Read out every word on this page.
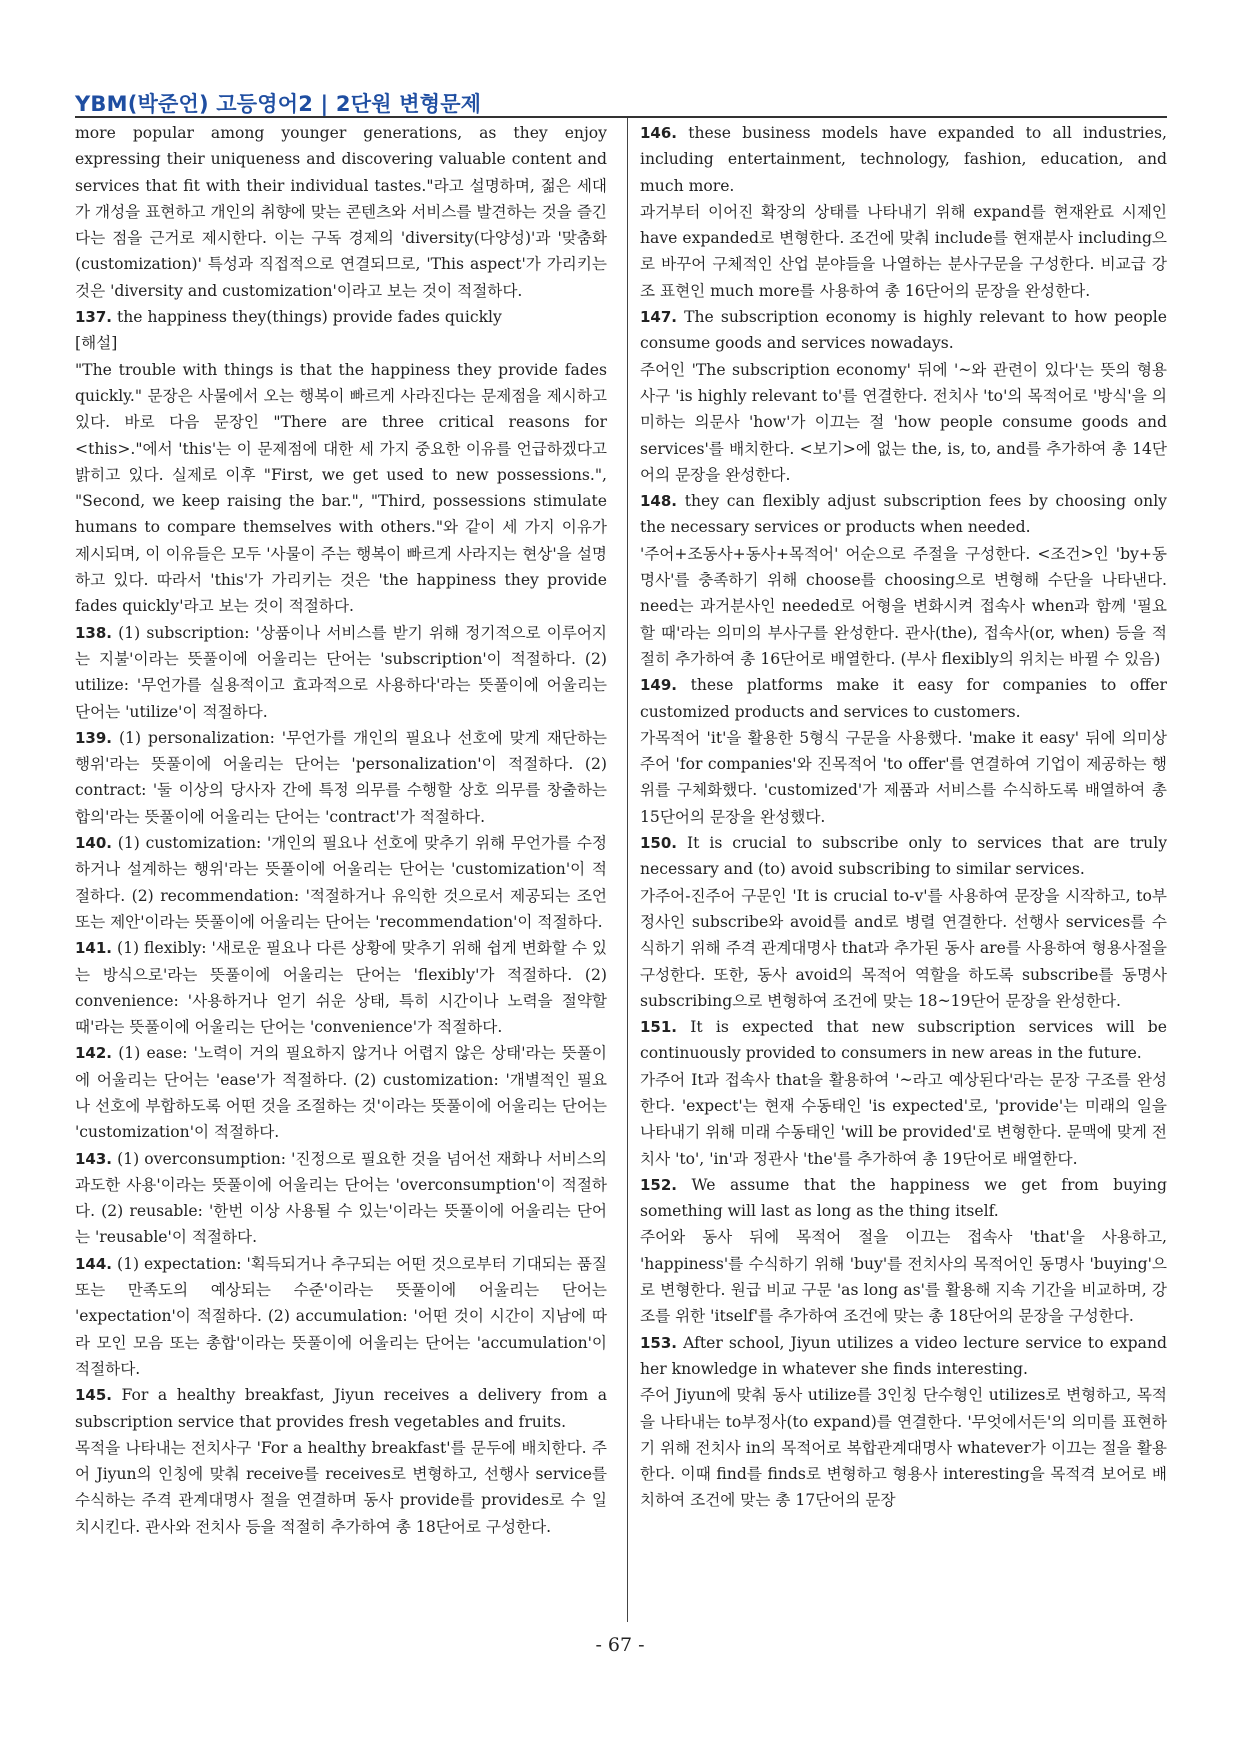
YBM(박준언) 고등영어2 | 2단원 변형문제

more popular among younger generations, as they enjoy expressing their uniqueness and discovering valuable content and services that fit with their individual tastes."라고 설명하며, 젊은 세대가 개성을 표현하고 개인의 취향에 맞는 콘텐츠와 서비스를 발견하는 것을 즐긴다는 점을 근거로 제시한다. 이는 구독 경제의 'diversity(다양성)'과 '맞춤화(customization)' 특성과 직접적으로 연결되므로, 'This aspect'가 가리키는 것은 'diversity and customization'이라고 보는 것이 적절하다.

137. the happiness they(things) provide fades quickly

[해설]

"The trouble with things is that the happiness they provide fades quickly." 문장은 사물에서 오는 행복이 빠르게 사라진다는 문제점을 제시하고 있다. 바로 다음 문장인 "There are three critical reasons for <this>."에서 'this'는 이 문제점에 대한 세 가지 중요한 이유를 언급하겠다고 밝히고 있다. 실제로 이후 "First, we get used to new possessions.", "Second, we keep raising the bar.", "Third, possessions stimulate humans to compare themselves with others."와 같이 세 가지 이유가 제시되며, 이 이유들은 모두 '사물이 주는 행복이 빠르게 사라지는 현상'을 설명하고 있다. 따라서 'this'가 가리키는 것은 'the happiness they provide fades quickly'라고 보는 것이 적절하다.

138. (1) subscription: '상품이나 서비스를 받기 위해 정기적으로 이루어지는 지불'이라는 뜻풀이에 어울리는 단어는 'subscription'이 적절하다. (2) utilize: '무언가를 실용적이고 효과적으로 사용하다'라는 뜻풀이에 어울리는 단어는 'utilize'이 적절하다.

139. (1) personalization: '무언가를 개인의 필요나 선호에 맞게 재단하는 행위'라는 뜻풀이에 어울리는 단어는 'personalization'이 적절하다. (2) contract: '둘 이상의 당사자 간에 특정 의무를 수행할 상호 의무를 창출하는 합의'라는 뜻풀이에 어울리는 단어는 'contract'가 적절하다.

140. (1) customization: '개인의 필요나 선호에 맞추기 위해 무언가를 수정하거나 설계하는 행위'라는 뜻풀이에 어울리는 단어는 'customization'이 적절하다. (2) recommendation: '적절하거나 유익한 것으로서 제공되는 조언 또는 제안'이라는 뜻풀이에 어울리는 단어는 'recommendation'이 적절하다.

141. (1) flexibly: '새로운 필요나 다른 상황에 맞추기 위해 쉽게 변화할 수 있는 방식으로'라는 뜻풀이에 어울리는 단어는 'flexibly'가 적절하다. (2) convenience: '사용하거나 얻기 쉬운 상태, 특히 시간이나 노력을 절약할 때'라는 뜻풀이에 어울리는 단어는 'convenience'가 적절하다.

142. (1) ease: '노력이 거의 필요하지 않거나 어렵지 않은 상태'라는 뜻풀이에 어울리는 단어는 'ease'가 적절하다. (2) customization: '개별적인 필요나 선호에 부합하도록 어떤 것을 조절하는 것'이라는 뜻풀이에 어울리는 단어는 'customization'이 적절하다.

143. (1) overconsumption: '진정으로 필요한 것을 넘어선 재화나 서비스의 과도한 사용'이라는 뜻풀이에 어울리는 단어는 'overconsumption'이 적절하다. (2) reusable: '한번 이상 사용될 수 있는'이라는 뜻풀이에 어울리는 단어는 'reusable'이 적절하다.

144. (1) expectation: '획득되거나 추구되는 어떤 것으로부터 기대되는 품질 또는 만족도의 예상되는 수준'이라는 뜻풀이에 어울리는 단어는 'expectation'이 적절하다. (2) accumulation: '어떤 것이 시간이 지남에 따라 모인 모음 또는 총합'이라는 뜻풀이에 어울리는 단어는 'accumulation'이 적절하다.

145. For a healthy breakfast, Jiyun receives a delivery from a subscription service that provides fresh vegetables and fruits.

목적을 나타내는 전치사구 'For a healthy breakfast'를 문두에 배치한다. 주어 Jiyun의 인칭에 맞춰 receive를 receives로 변형하고, 선행사 service를 수식하는 주격 관계대명사 절을 연결하며 동사 provide를 provides로 수 일치시킨다. 관사와 전치사 등을 적절히 추가하여 총 18단어로 구성한다.

146. these business models have expanded to all industries, including entertainment, technology, fashion, education, and much more.

과거부터 이어진 확장의 상태를 나타내기 위해 expand를 현재완료 시제인 have expanded로 변형한다. 조건에 맞춰 include를 현재분사 including으로 바꾸어 구체적인 산업 분야들을 나열하는 분사구문을 구성한다. 비교급 강조 표현인 much more를 사용하여 총 16단어의 문장을 완성한다.

147. The subscription economy is highly relevant to how people consume goods and services nowadays.

주어인 'The subscription economy' 뒤에 '~와 관련이 있다'는 뜻의 형용사구 'is highly relevant to'를 연결한다. 전치사 'to'의 목적어로 '방식'을 의미하는 의문사 'how'가 이끄는 절 'how people consume goods and services'를 배치한다. <보기>에 없는 the, is, to, and를 추가하여 총 14단어의 문장을 완성한다.

148. they can flexibly adjust subscription fees by choosing only the necessary services or products when needed.

'주어+조동사+동사+목적어' 어순으로 주절을 구성한다. <조건>인 'by+동명사'를 충족하기 위해 choose를 choosing으로 변형해 수단을 나타낸다. need는 과거분사인 needed로 어형을 변화시켜 접속사 when과 함께 '필요할 때'라는 의미의 부사구를 완성한다. 관사(the), 접속사(or, when) 등을 적절히 추가하여 총 16단어로 배열한다. (부사 flexibly의 위치는 바뀔 수 있음)

149. these platforms make it easy for companies to offer customized products and services to customers.

가목적어 'it'을 활용한 5형식 구문을 사용했다. 'make it easy' 뒤에 의미상 주어 'for companies'와 진목적어 'to offer'를 연결하여 기업이 제공하는 행위를 구체화했다. 'customized'가 제품과 서비스를 수식하도록 배열하여 총 15단어의 문장을 완성했다.

150. It is crucial to subscribe only to services that are truly necessary and (to) avoid subscribing to similar services.

가주어-진주어 구문인 'It is crucial to-v'를 사용하여 문장을 시작하고, to부정사인 subscribe와 avoid를 and로 병렬 연결한다. 선행사 services를 수식하기 위해 주격 관계대명사 that과 추가된 동사 are를 사용하여 형용사절을 구성한다. 또한, 동사 avoid의 목적어 역할을 하도록 subscribe를 동명사 subscribing으로 변형하여 조건에 맞는 18~19단어 문장을 완성한다.

151. It is expected that new subscription services will be continuously provided to consumers in new areas in the future.

가주어 It과 접속사 that을 활용하여 '~라고 예상된다'라는 문장 구조를 완성한다. 'expect'는 현재 수동태인 'is expected'로, 'provide'는 미래의 일을 나타내기 위해 미래 수동태인 'will be provided'로 변형한다. 문맥에 맞게 전치사 'to', 'in'과 정관사 'the'를 추가하여 총 19단어로 배열한다.

152. We assume that the happiness we get from buying something will last as long as the thing itself.

주어와 동사 뒤에 목적어 절을 이끄는 접속사 'that'을 사용하고, 'happiness'를 수식하기 위해 'buy'를 전치사의 목적어인 동명사 'buying'으로 변형한다. 원급 비교 구문 'as long as'를 활용해 지속 기간을 비교하며, 강조를 위한 'itself'를 추가하여 조건에 맞는 총 18단어의 문장을 구성한다.

153. After school, Jiyun utilizes a video lecture service to expand her knowledge in whatever she finds interesting.

주어 Jiyun에 맞춰 동사 utilize를 3인칭 단수형인 utilizes로 변형하고, 목적을 나타내는 to부정사(to expand)를 연결한다. '무엇에서든'의 의미를 표현하기 위해 전치사 in의 목적어로 복합관계대명사 whatever가 이끄는 절을 활용한다. 이때 find를 finds로 변형하고 형용사 interesting을 목적격 보어로 배치하여 조건에 맞는 총 17단어의 문장

- 67 -
